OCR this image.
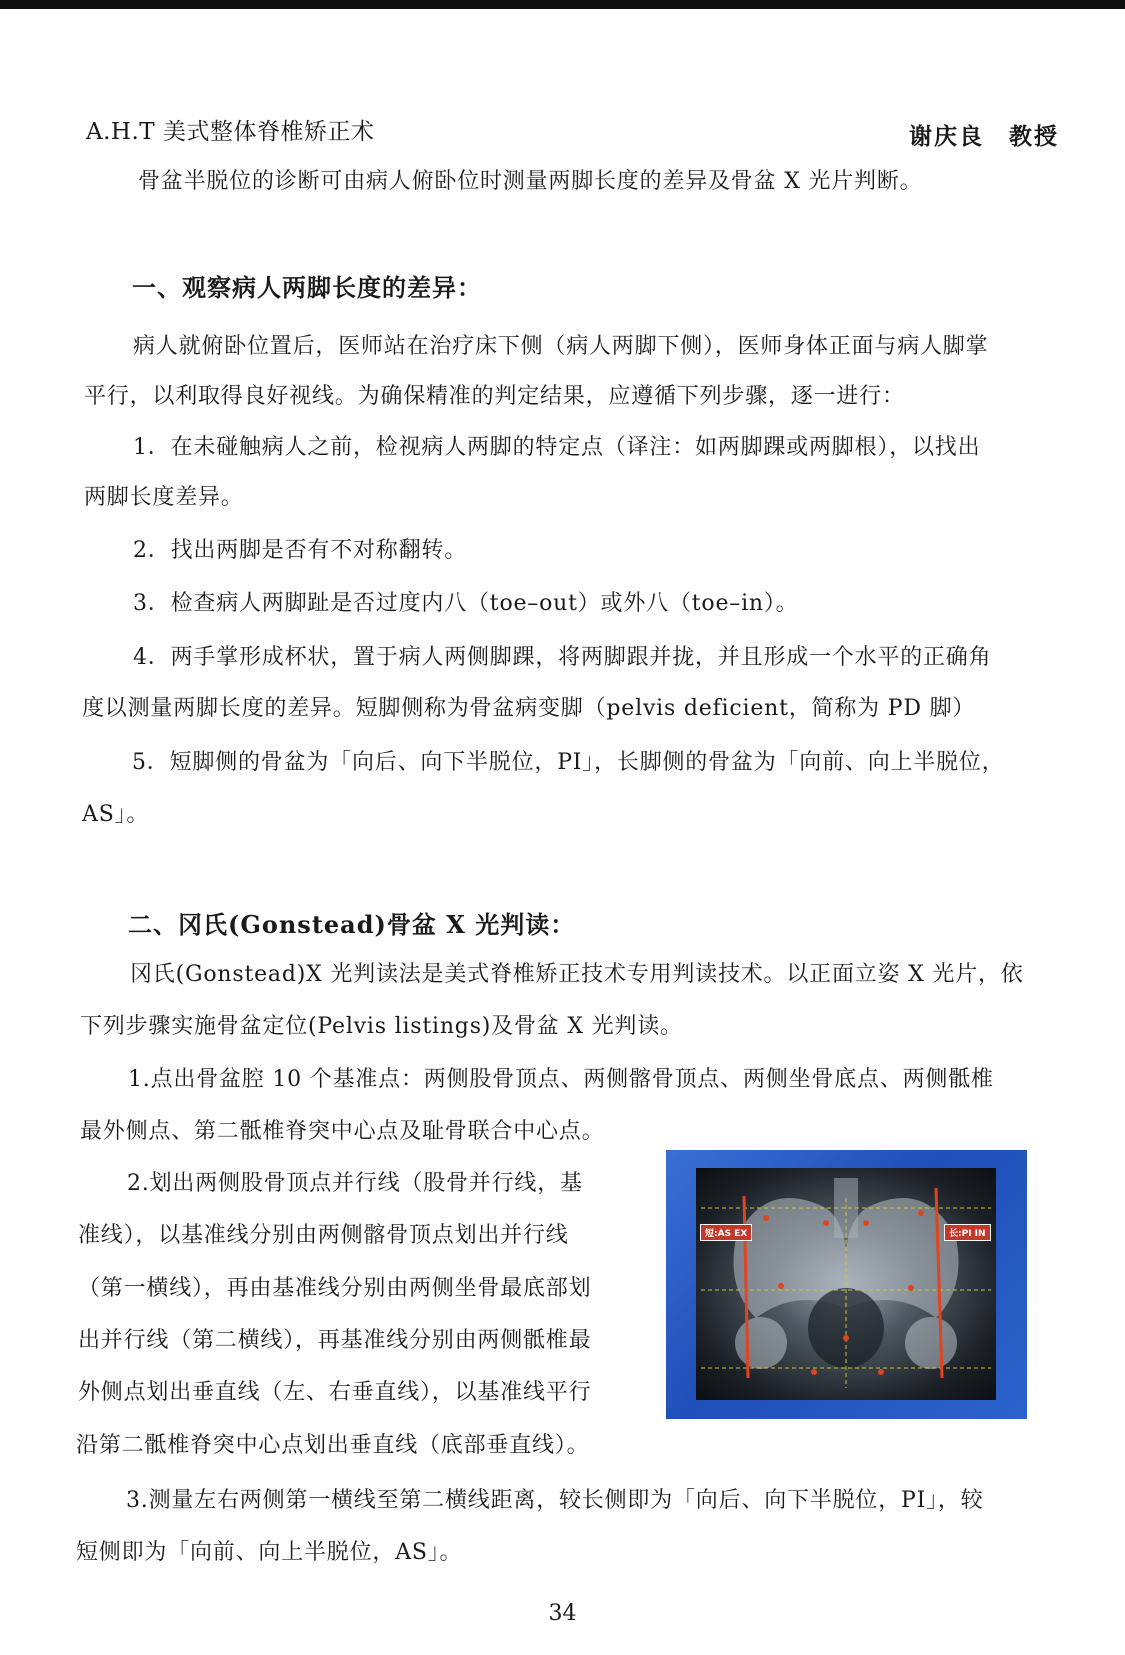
A.H.T 美式整体脊椎矫正术	谢庆良　教授
骨盆半脱位的诊断可由病人俯卧位时测量两脚长度的差异及骨盆 X 光片判断。
一、观察病人两脚长度的差异：
病人就俯卧位置后，医师站在治疗床下侧（病人两脚下侧），医师身体正面与病人脚掌
平行，以利取得良好视线。为确保精准的判定结果，应遵循下列步骤，逐一进行：
1．在未碰触病人之前，检视病人两脚的特定点（译注：如两脚踝或两脚根），以找出
两脚长度差异。
2．找出两脚是否有不对称翻转。
3．检查病人两脚趾是否过度内八（toe–out）或外八（toe–in）。
4．两手掌形成杯状，置于病人两侧脚踝，将两脚跟并拢，并且形成一个水平的正确角
度以测量两脚长度的差异。短脚侧称为骨盆病变脚（pelvis deficient，简称为 PD 脚）
5．短脚侧的骨盆为「向后、向下半脱位，PI」，长脚侧的骨盆为「向前、向上半脱位，
AS」。
二、冈氏(Gonstead)骨盆 X 光判读：
冈氏(Gonstead)X 光判读法是美式脊椎矫正技术专用判读技术。以正面立姿 X 光片，依
下列步骤实施骨盆定位(Pelvis listings)及骨盆 X 光判读。
1.点出骨盆腔 10 个基准点：两侧股骨顶点、两侧髂骨顶点、两侧坐骨底点、两侧骶椎
最外侧点、第二骶椎脊突中心点及耻骨联合中心点。
2.划出两侧股骨顶点并行线（股骨并行线，基
准线），以基准线分别由两侧髂骨顶点划出并行线
（第一横线），再由基准线分别由两侧坐骨最底部划
出并行线（第二横线），再基准线分别由两侧骶椎最
外侧点划出垂直线（左、右垂直线），以基准线平行
沿第二骶椎脊突中心点划出垂直线（底部垂直线）。
3.测量左右两侧第一横线至第二横线距离，较长侧即为「向后、向下半脱位，PI」，较
短侧即为「向前、向上半脱位，AS」。
短:AS EX	长:PI IN
34
